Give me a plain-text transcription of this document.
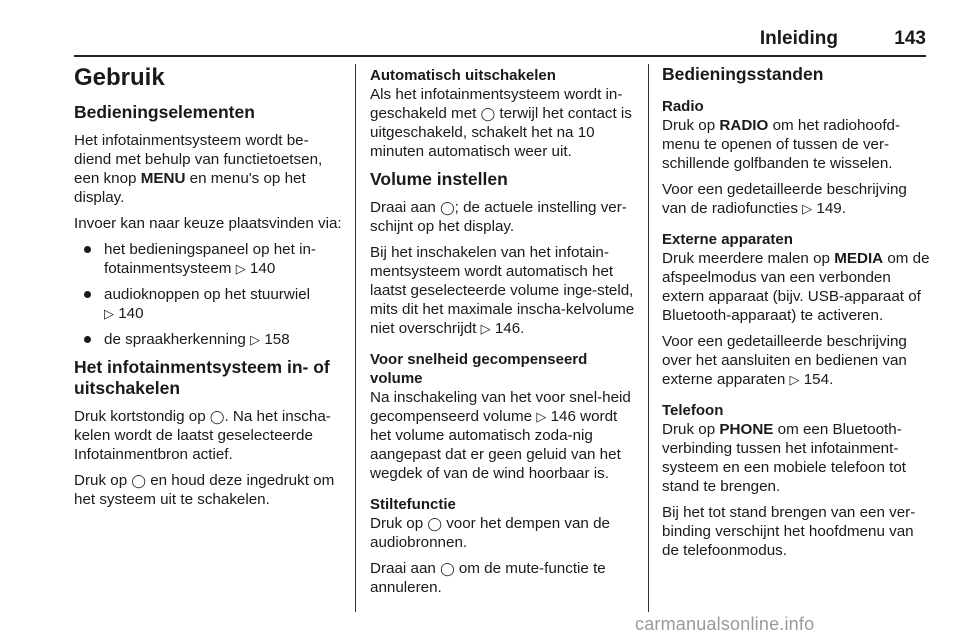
Inleiding	143
Gebruik
Bedieningselementen

Het infotainmentsysteem wordt be-diend met behulp van functietoetsen, een knop MENU en menu's op het display.

Invoer kan naar keuze plaatsvinden via:

het bedieningspaneel op het in-fotainmentsysteem ▷ 140
audioknoppen op het stuurwiel
▷ 140
de spraakherkenning ▷ 158
Het infotainmentsysteem in- of uitschakelen

Druk kortstondig op ◯. Na het inscha-kelen wordt de laatst geselecteerde Infotainmentbron actief.

Druk op ◯ en houd deze ingedrukt om het systeem uit te schakelen.

Automatisch uitschakelen

Als het infotainmentsysteem wordt in-geschakeld met ◯ terwijl het contact is uitgeschakeld, schakelt het na 10 minuten automatisch weer uit.

Volume instellen

Draai aan ◯; de actuele instelling ver-schijnt op het display.

Bij het inschakelen van het infotain-mentsysteem wordt automatisch het laatst geselecteerde volume inge-steld, mits dit het maximale inscha-kelvolume niet overschrijdt ▷ 146.

Voor snelheid gecompenseerd volume

Na inschakeling van het voor snel-heid gecompenseerd volume ▷ 146 wordt het volume automatisch zoda-nig aangepast dat er geen geluid van het wegdek of van de wind hoorbaar is.

Stiltefunctie

Druk op ◯ voor het dempen van de audiobronnen.

Draai aan ◯ om de mute-functie te annuleren.

Bedieningsstanden
Radio

Druk op RADIO om het radiohoofd-menu te openen of tussen de ver-schillende golfbanden te wisselen.

Voor een gedetailleerde beschrijving van de radiofuncties ▷ 149.

Externe apparaten

Druk meerdere malen op MEDIA om de afspeelmodus van een verbonden extern apparaat (bijv. USB-apparaat of Bluetooth-apparaat) te activeren.

Voor een gedetailleerde beschrijving over het aansluiten en bedienen van externe apparaten ▷ 154.

Telefoon

Druk op PHONE om een Bluetooth-verbinding tussen het infotainment-systeem en een mobiele telefoon tot stand te brengen.

Bij het tot stand brengen van een ver-binding verschijnt het hoofdmenu van de telefoonmodus.

carmanualsonline.info
